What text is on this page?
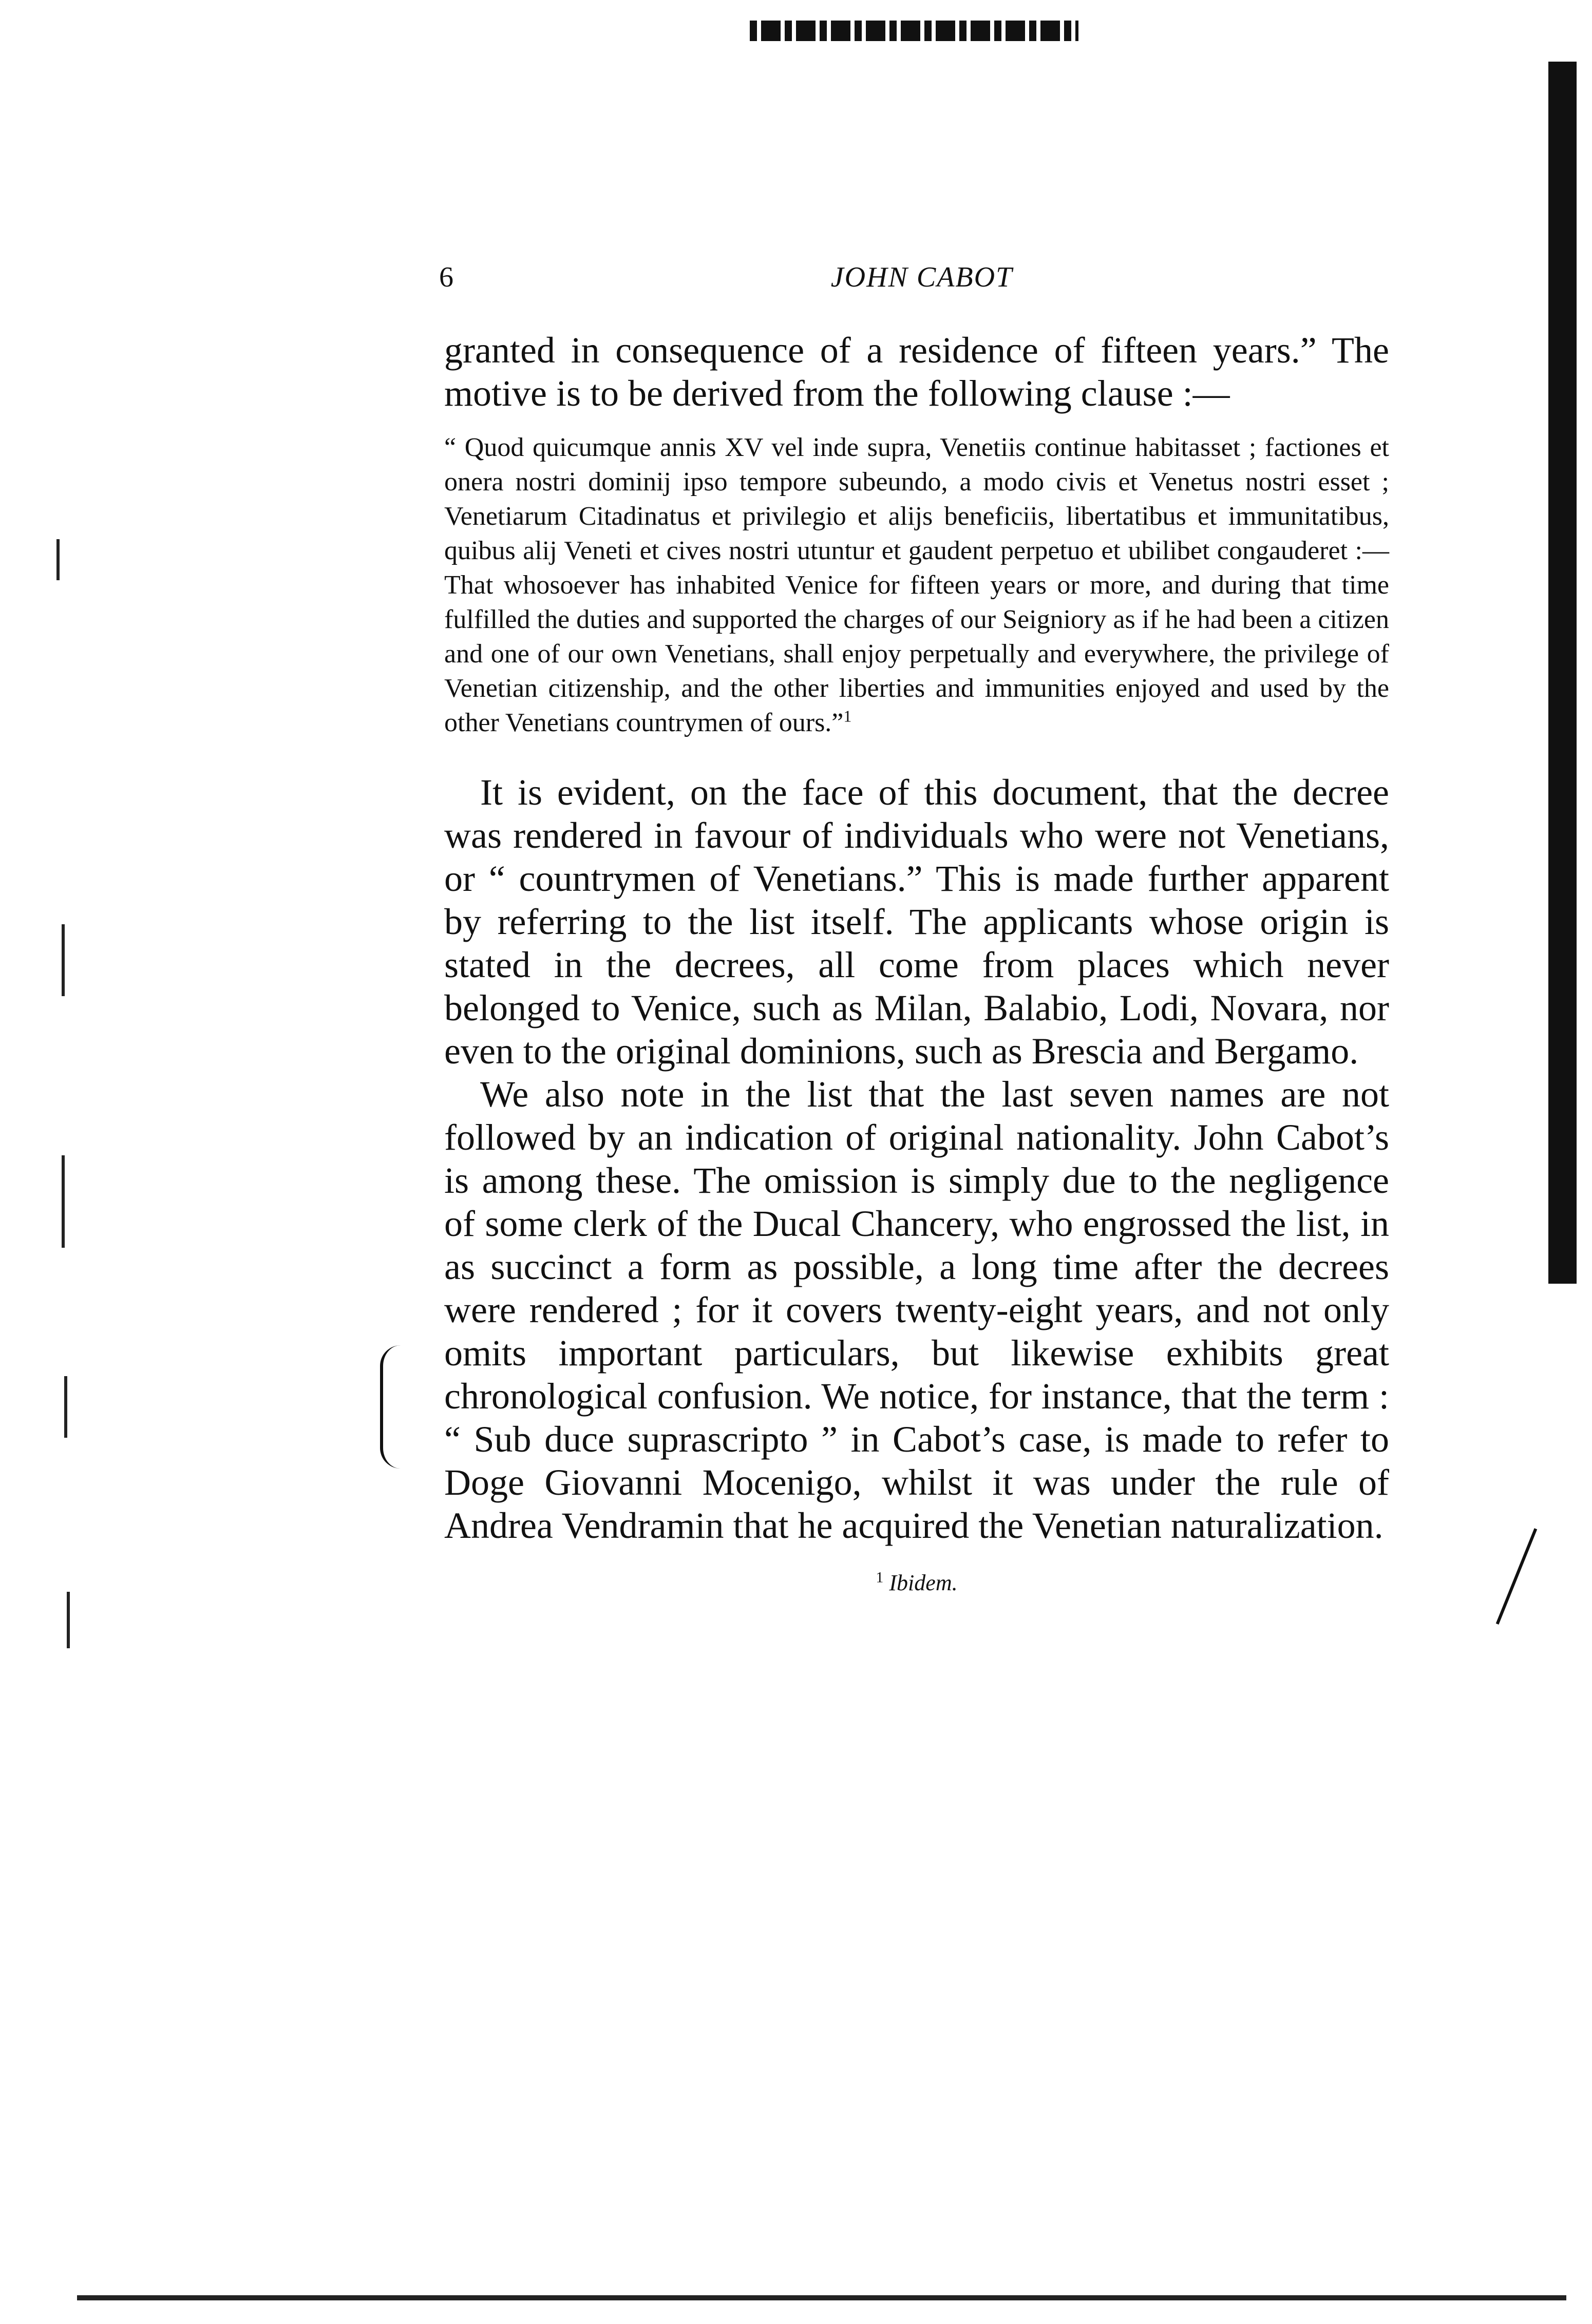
6	JOHN CABOT

granted in consequence of a residence of fifteen years.” The motive is to be derived from the following clause :—

“ Quod quicumque annis XV vel inde supra, Venetiis continue habitasset ; factiones et onera nostri dominij ipso tempore subeundo, a modo civis et Venetus nostri esset ; Venetiarum Citadinatus et privilegio et alijs beneficiis, libertatibus et immunitatibus, quibus alij Veneti et cives nostri utuntur et gaudent perpetuo et ubilibet congauderet :—That whosoever has inhabited Venice for fifteen years or more, and during that time fulfilled the duties and supported the charges of our Seigniory as if he had been a citizen and one of our own Venetians, shall enjoy perpetually and everywhere, the privilege of Venetian citizenship, and the other liberties and immunities enjoyed and used by the other Venetians countrymen of ours.”$^1$

It is evident, on the face of this document, that the decree was rendered in favour of individuals who were not Venetians, or “ countrymen of Venetians.” This is made further apparent by referring to the list itself. The applicants whose origin is stated in the decrees, all come from places which never belonged to Venice, such as Milan, Balabio, Lodi, Novara, nor even to the original dominions, such as Brescia and Bergamo.

We also note in the list that the last seven names are not followed by an indication of original nationality. John Cabot’s is among these. The omission is simply due to the negligence of some clerk of the Ducal Chancery, who engrossed the list, in as succinct a form as possible, a long time after the decrees were rendered ; for it covers twenty-eight years, and not only omits important particulars, but likewise exhibits great chronological confusion. We notice, for instance, that the term : “ Sub duce suprascripto ” in Cabot’s case, is made to refer to Doge Giovanni Mocenigo, whilst it was under the rule of Andrea Vendramin that he acquired the Venetian naturalization.

$^1$ Ibidem.
